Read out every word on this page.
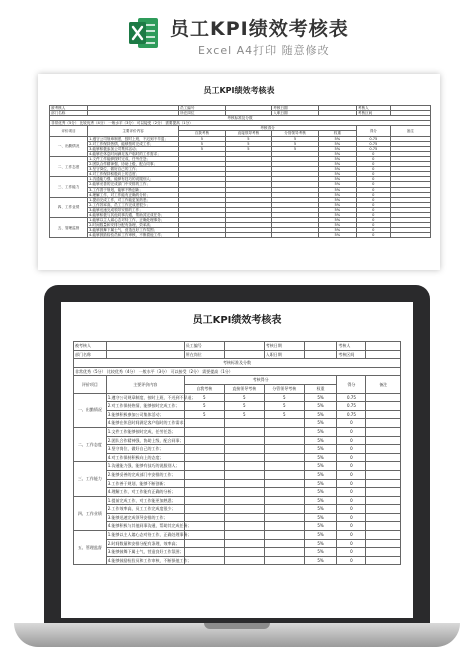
员工KPI绩效考核表
Excel A4打印 随意修改
员工KPI绩效考核表
被考核人		员工编号		考核日期		考核人	
部门名称		所在岗位		入职日期		考核区间	
考核标准及分数							
非常优秀（5分） 比较优秀（4分） 一般水平（3分） 可以接受（2分） 需要提高（1分）							
评价项目	主要评价内容	考核得分				得分	备注
		自我考核	直接领导考核	分管领导考核	权重		
一、出勤情况	1.遵守公司规章制度，按时上班，不迟到不早退；	5	5	5	5%	0.75	
	2.对工作保持热情，能够按时完成工作；	5	5	5	5%	0.75	
	3.能够积极参加公司集体活动；	5	5	5	5%	0.75	
	4.能够在休息时间满足客户临时的工作需求；				5%	0	
二、工作态度	1.文件工作能够按时完成，任劳任怨；				5%	0	
	2.团队合作精神强，协助上级，配合同事；				5%	0	
	3.坚守岗位，做好自己的工作；				5%	0	
	4.对工作保持积极向上的态度；				5%	0	
三、工作能力	1.沟通能力强，能够有技巧的说服别人；				5%	0	
	2.能够妥善的完成部门中安排的工作；				5%	0	
	3.工作善于规划，能够不断创新；				5%	0	
	4.理解工作，对工作能有正确的分析；				5%	0	
四、工作业绩	1.提前完成工作，对工作能更加熟悉；				5%	0	
	2.工作效率高，员工工作完成度很少；				5%	0	
	3.能够迅速完成领导安排的工作；				5%	0	
	4.能够积极与其他同事沟通，帮助其完成任务；				5%	0	
五、管理监督	1.能够以主人翁心态对待工作，正确处理事务；				5%	0	
	2.时间数量和安排分配有条理，效率高；				5%	0	
	3.能够鼓舞下属士气，营造良好工作氛围；				5%	0	
	4.能够鼓励检验员和工作审核，不断损他工作；				5%	0	
员工KPI绩效考核表
被考核人		员工编号		考核日期		考核人	
部门名称		所在岗位		入职日期		考核区间	
考核标准及分数							
非常优秀（5分） 比较优秀（4分） 一般水平（3分） 可以接受（2分） 需要提高（1分）							
评价项目	主要评价内容	考核得分				得分	备注
		自我考核	直接领导考核	分管领导考核	权重		
一、出勤情况	1.遵守公司规章制度，按时上班，不迟到不早退；	5	5	5	5%	0.75	
	2.对工作保持热情，能够按时完成工作；	5	5	5	5%	0.75	
	3.能够积极参加公司集体活动；	5	5	5	5%	0.75	
	4.能够在休息时间满足客户临时的工作需求；				5%	0	
二、工作态度	1.文件工作能够按时完成，任劳任怨；				5%	0	
	2.团队合作精神强，协助上级，配合同事；				5%	0	
	3.坚守岗位，做好自己的工作；				5%	0	
	4.对工作保持积极向上的态度；				5%	0	
三、工作能力	1.沟通能力强，能够有技巧的说服别人；				5%	0	
	2.能够妥善的完成部门中安排的工作；				5%	0	
	3.工作善于规划，能够不断创新；				5%	0	
	4.理解工作，对工作能有正确的分析；				5%	0	
四、工作业绩	1.提前完成工作，对工作能更加熟悉；				5%	0	
	2.工作效率高，员工工作完成度很少；				5%	0	
	3.能够迅速完成领导安排的工作；				5%	0	
	4.能够积极与其他同事沟通，帮助其完成任务；				5%	0	
五、管理监督	1.能够以主人翁心态对待工作，正确处理事务；				5%	0	
	2.时间数量和安排分配有条理，效率高；				5%	0	
	3.能够鼓舞下属士气，营造良好工作氛围；				5%	0	
	4.能够鼓励检验员和工作审核，不断损他工作；				5%	0	
